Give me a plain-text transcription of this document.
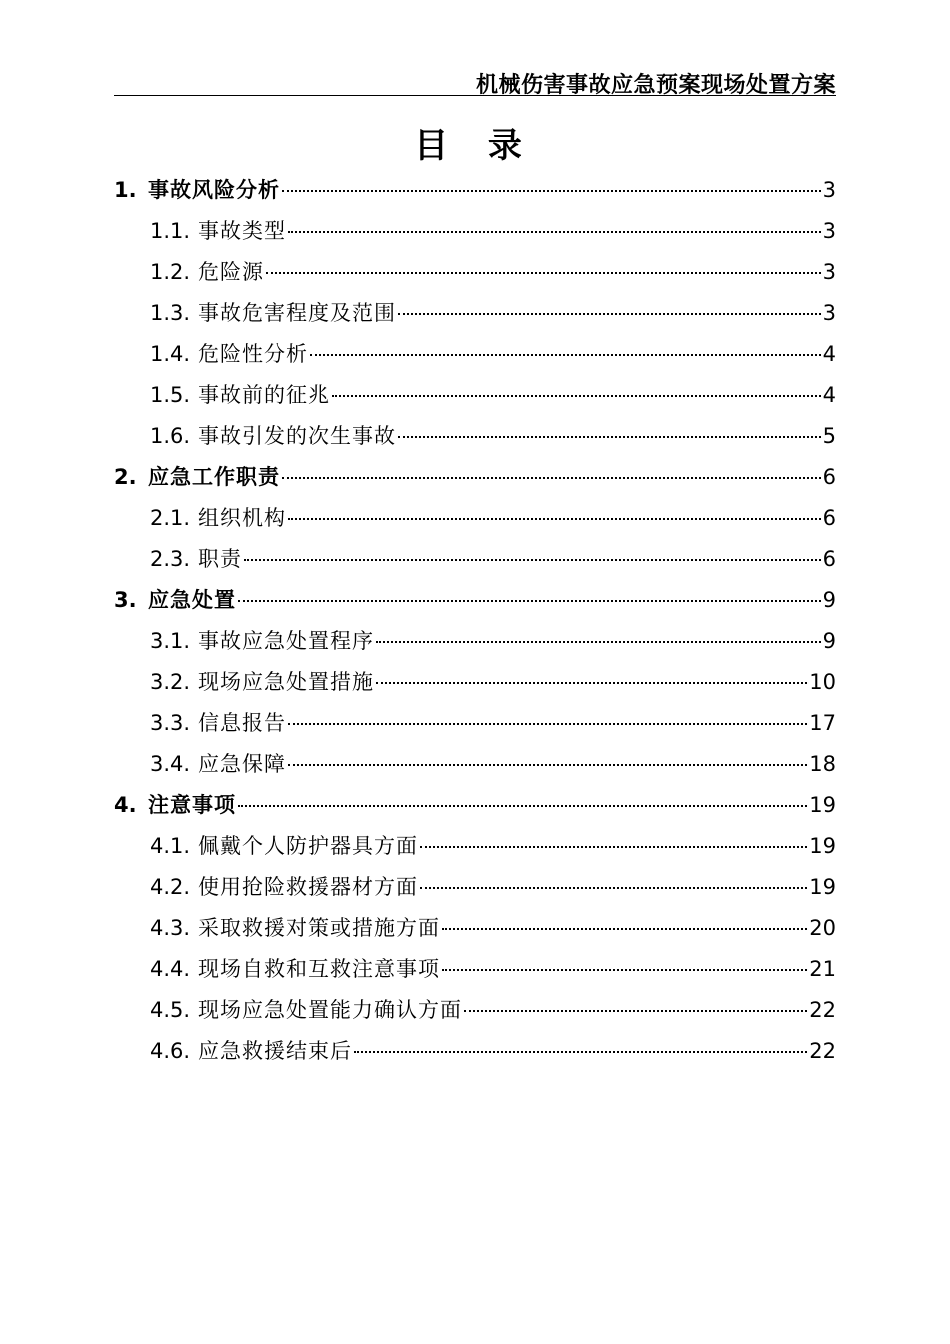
机械伤害事故应急预案现场处置方案
目 录
1. 事故风险分析	3
1.1. 事故类型	3
1.2. 危险源	3
1.3. 事故危害程度及范围	3
1.4. 危险性分析	4
1.5. 事故前的征兆	4
1.6. 事故引发的次生事故	5
2. 应急工作职责	6
2.1. 组织机构	6
2.3. 职责	6
3. 应急处置	9
3.1. 事故应急处置程序	9
3.2. 现场应急处置措施	10
3.3. 信息报告	17
3.4. 应急保障	18
4. 注意事项	19
4.1. 佩戴个人防护器具方面	19
4.2. 使用抢险救援器材方面	19
4.3. 采取救援对策或措施方面	20
4.4. 现场自救和互救注意事项	21
4.5. 现场应急处置能力确认方面	22
4.6. 应急救援结束后	22
